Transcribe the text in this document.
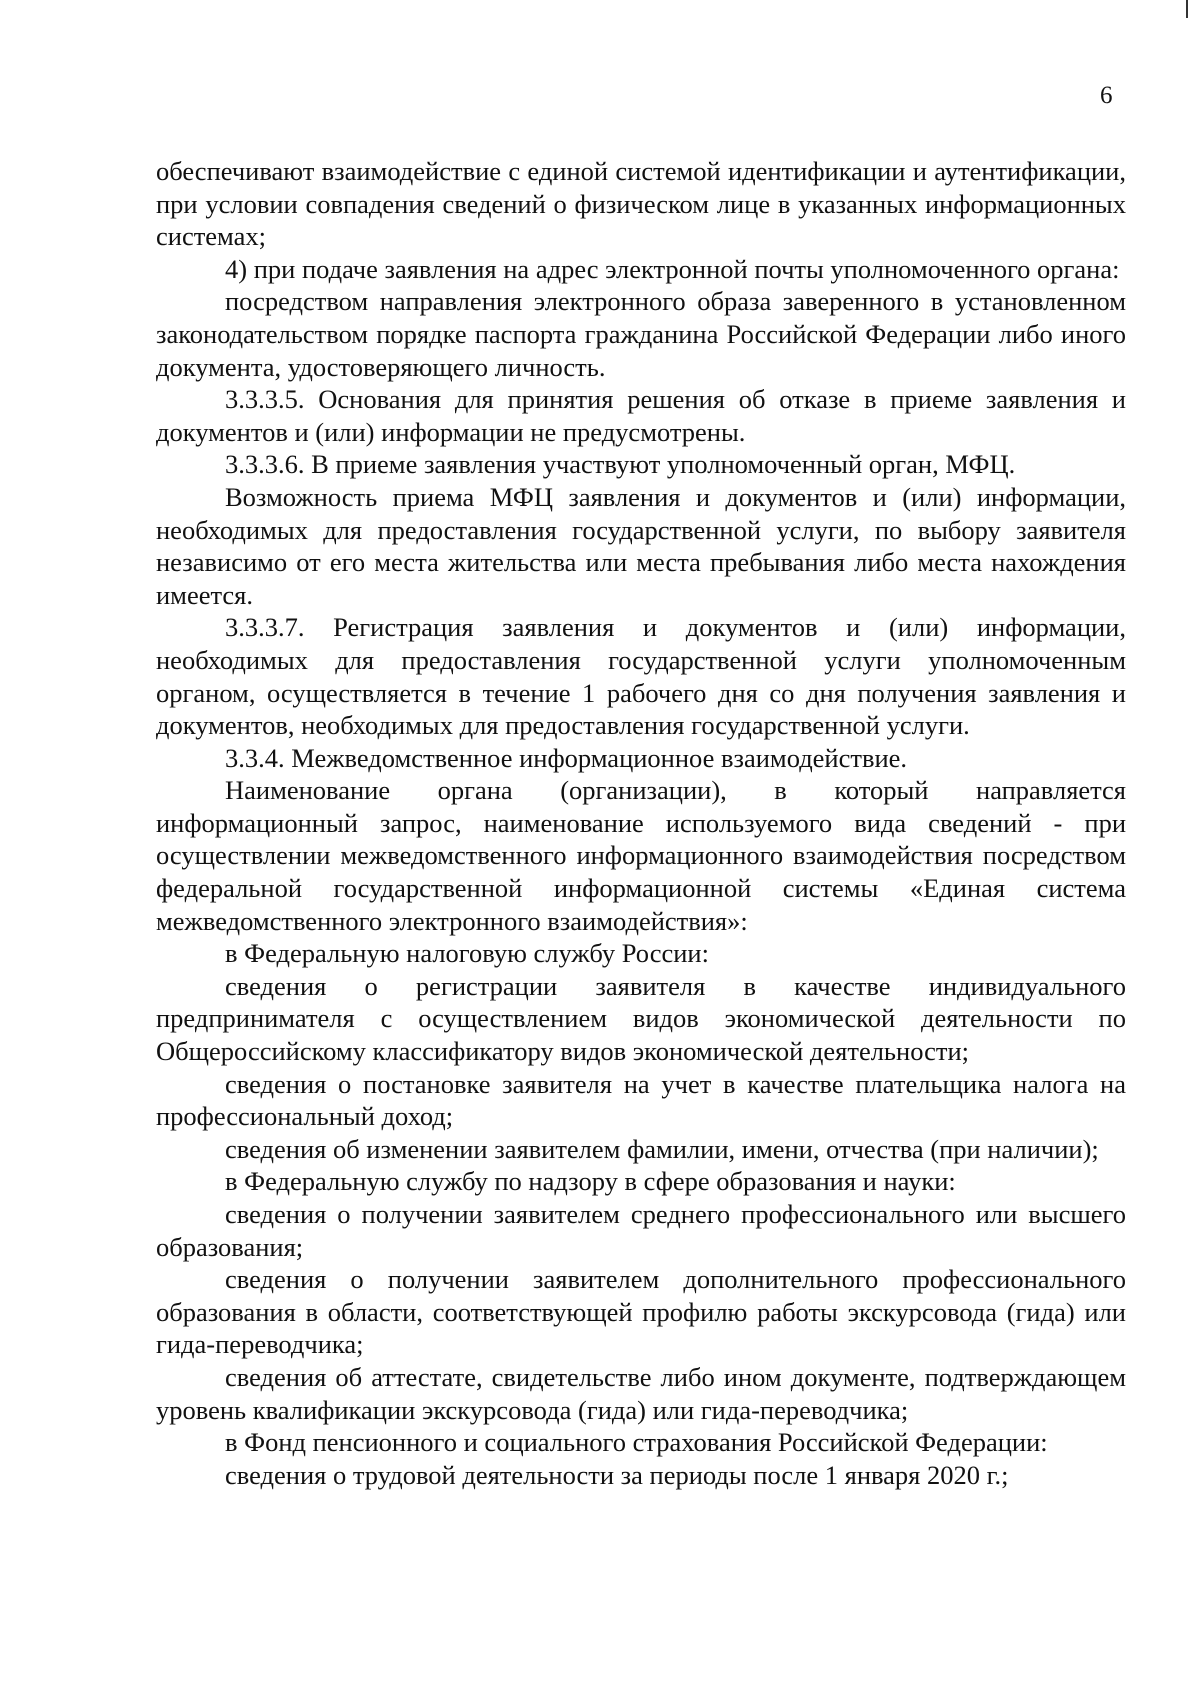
6

обеспечивают взаимодействие с единой системой идентификации и аутентификации, при условии совпадения сведений о физическом лице в указанных информационных системах;

4) при подаче заявления на адрес электронной почты уполномоченного органа:

посредством направления электронного образа заверенного в установленном законодательством порядке паспорта гражданина Российской Федерации либо иного документа, удостоверяющего личность.

3.3.3.5. Основания для принятия решения об отказе в приеме заявления и документов и (или) информации не предусмотрены.

3.3.3.6. В приеме заявления участвуют уполномоченный орган, МФЦ.

Возможность приема МФЦ заявления и документов и (или) информации, необходимых для предоставления государственной услуги, по выбору заявителя независимо от его места жительства или места пребывания либо места нахождения имеется.

3.3.3.7. Регистрация заявления и документов и (или) информации, необходимых для предоставления государственной услуги уполномоченным органом, осуществляется в течение 1 рабочего дня со дня получения заявления и документов, необходимых для предоставления государственной услуги.

3.3.4. Межведомственное информационное взаимодействие.

Наименование органа (организации), в который направляется информационный запрос, наименование используемого вида сведений - при осуществлении межведомственного информационного взаимодействия посредством федеральной государственной информационной системы «Единая система межведомственного электронного взаимодействия»:

в Федеральную налоговую службу России:

сведения о регистрации заявителя в качестве индивидуального предпринимателя с осуществлением видов экономической деятельности по Общероссийскому классификатору видов экономической деятельности;

сведения о постановке заявителя на учет в качестве плательщика налога на профессиональный доход;

сведения об изменении заявителем фамилии, имени, отчества (при наличии);

в Федеральную службу по надзору в сфере образования и науки:

сведения о получении заявителем среднего профессионального или высшего образования;

сведения о получении заявителем дополнительного профессионального образования в области, соответствующей профилю работы экскурсовода (гида) или гида-переводчика;

сведения об аттестате, свидетельстве либо ином документе, подтверждающем уровень квалификации экскурсовода (гида) или гида-переводчика;

в Фонд пенсионного и социального страхования Российской Федерации:

сведения о трудовой деятельности за периоды после 1 января 2020 г.;
